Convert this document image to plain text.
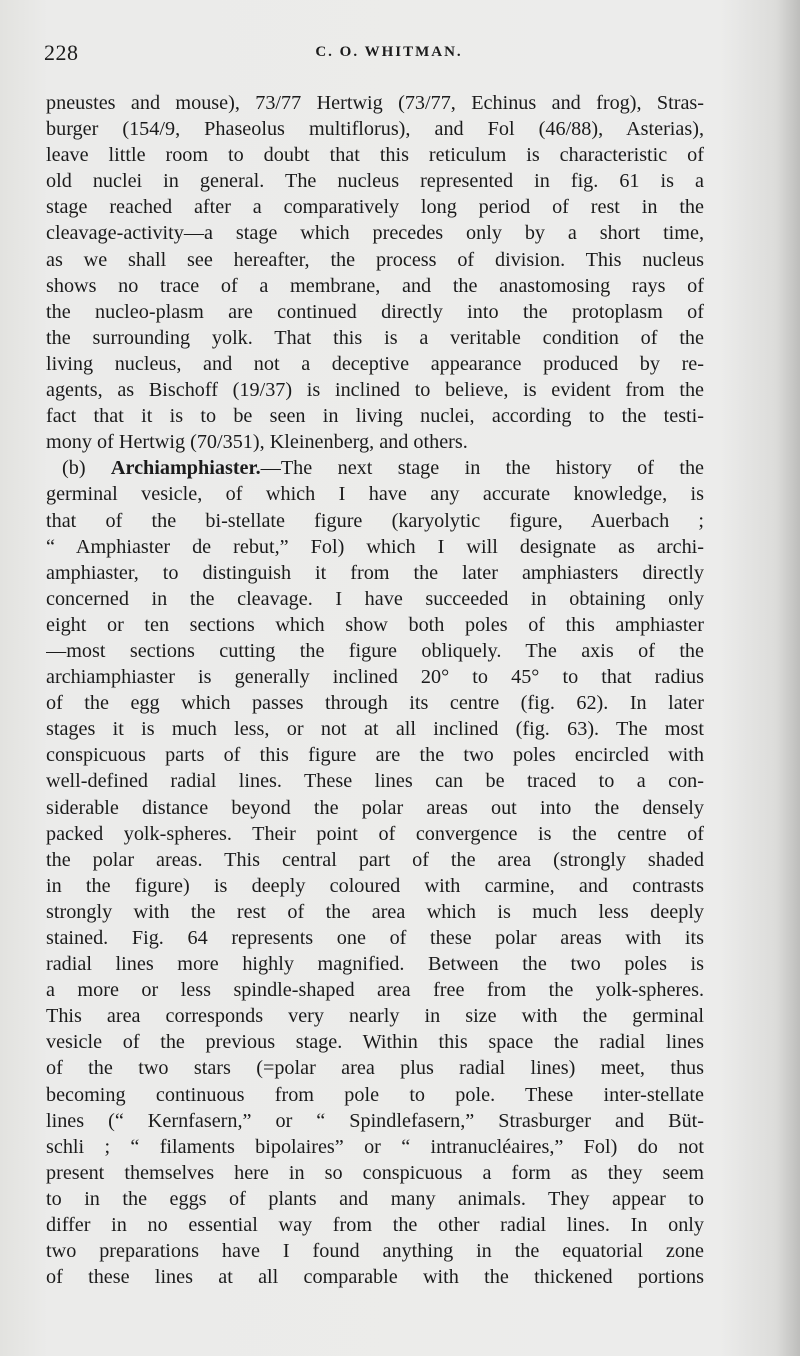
228	C. O. WHITMAN.
pneustes and mouse), 73/77 Hertwig (73/77, Echinus and frog), Stras-
burger (154/9, Phaseolus multiflorus), and Fol (46/88), Asterias),
leave little room to doubt that this reticulum is characteristic of
old nuclei in general. The nucleus represented in fig. 61 is a
stage reached after a comparatively long period of rest in the
cleavage-activity—a stage which precedes only by a short time,
as we shall see hereafter, the process of division. This nucleus
shows no trace of a membrane, and the anastomosing rays of
the nucleo-plasm are continued directly into the protoplasm of
the surrounding yolk. That this is a veritable condition of the
living nucleus, and not a deceptive appearance produced by re-
agents, as Bischoff (19/37) is inclined to believe, is evident from the
fact that it is to be seen in living nuclei, according to the testi-
mony of Hertwig (70/351), Kleinenberg, and others.
(b) Archiamphiaster.—The next stage in the history of the
germinal vesicle, of which I have any accurate knowledge, is
that of the bi-stellate figure (karyolytic figure, Auerbach ;
“ Amphiaster de rebut,” Fol) which I will designate as archi-
amphiaster, to distinguish it from the later amphiasters directly
concerned in the cleavage. I have succeeded in obtaining only
eight or ten sections which show both poles of this amphiaster
—most sections cutting the figure obliquely. The axis of the
archiamphiaster is generally inclined 20° to 45° to that radius
of the egg which passes through its centre (fig. 62). In later
stages it is much less, or not at all inclined (fig. 63). The most
conspicuous parts of this figure are the two poles encircled with
well-defined radial lines. These lines can be traced to a con-
siderable distance beyond the polar areas out into the densely
packed yolk-spheres. Their point of convergence is the centre of
the polar areas. This central part of the area (strongly shaded
in the figure) is deeply coloured with carmine, and contrasts
strongly with the rest of the area which is much less deeply
stained. Fig. 64 represents one of these polar areas with its
radial lines more highly magnified. Between the two poles is
a more or less spindle-shaped area free from the yolk-spheres.
This area corresponds very nearly in size with the germinal
vesicle of the previous stage. Within this space the radial lines
of the two stars (=polar area plus radial lines) meet, thus
becoming continuous from pole to pole. These inter-stellate
lines (“ Kernfasern,” or “ Spindlefasern,” Strasburger and Büt-
schli ; “ filaments bipolaires” or “ intranucléaires,” Fol) do not
present themselves here in so conspicuous a form as they seem
to in the eggs of plants and many animals. They appear to
differ in no essential way from the other radial lines. In only
two preparations have I found anything in the equatorial zone
of these lines at all comparable with the thickened portions
